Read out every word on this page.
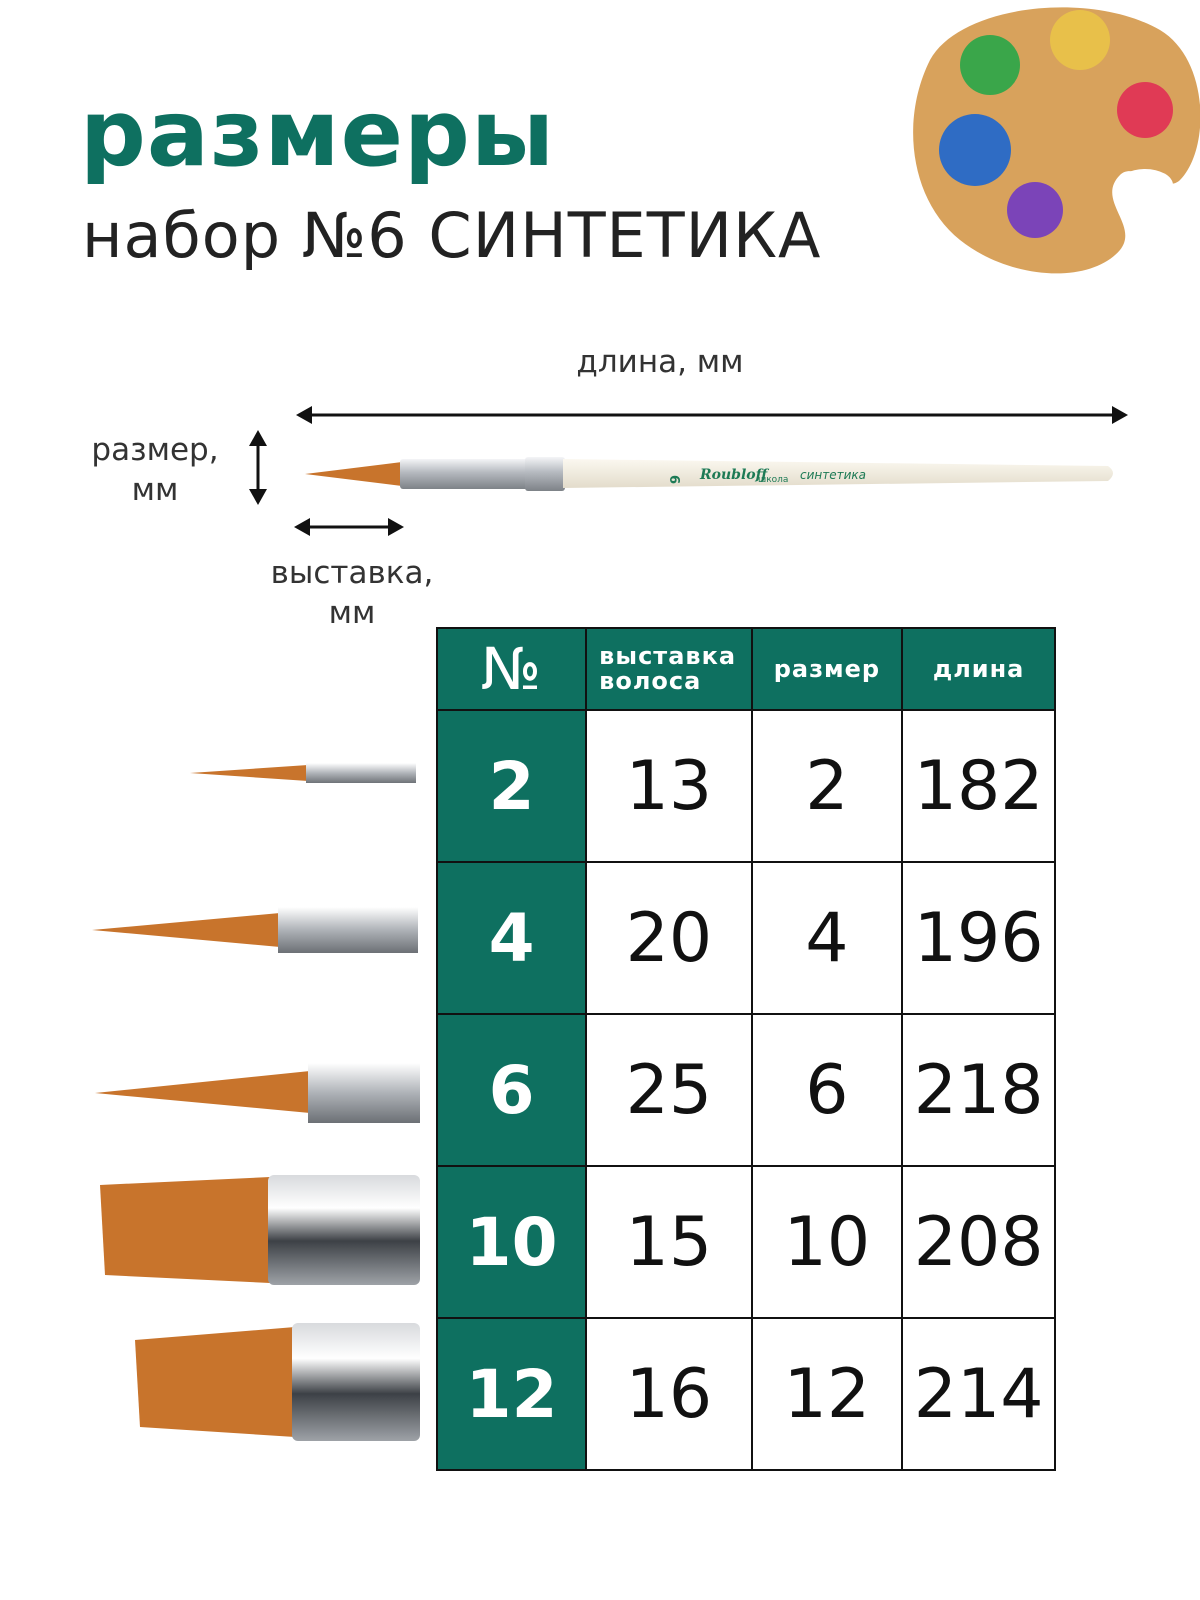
размеры
набор №6 СИНТЕТИКА
длина, мм
размер, мм
выставка, мм
6 Roubloff
школа синтетика
№	выставка волоса	размер	длина
2	13	2	182
4	20	4	196
6	25	6	218
10	15	10	208
12	16	12	214
